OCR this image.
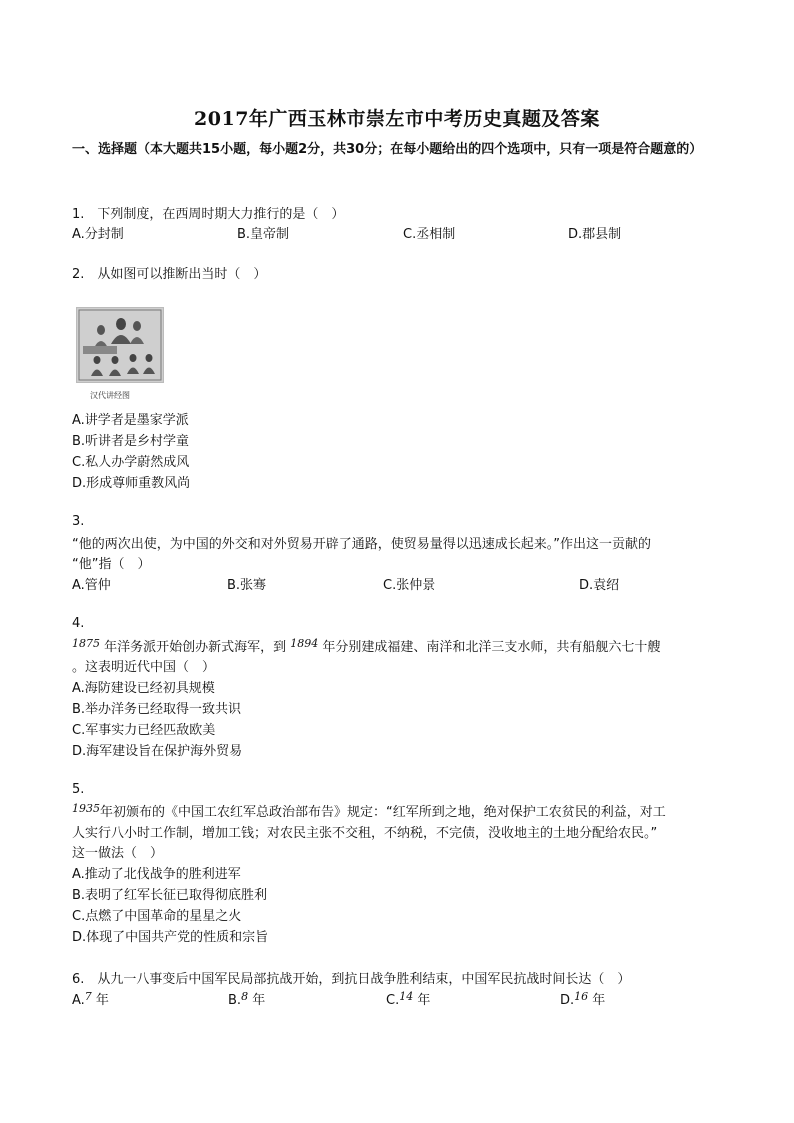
2017年广西玉林市崇左市中考历史真题及答案
一、选择题（本大题共15小题，每小题2分，共30分；在每小题给出的四个选项中，只有一项是符合题意的）
1.　下列制度，在西周时期大力推行的是（　）
A.分封制	B.皇帝制	C.丞相制	D.郡县制
2.　从如图可以推断出当时（　）
汉代讲经图
A.讲学者是墨家学派
B.听讲者是乡村学童
C.私人办学蔚然成风
D.形成尊师重教风尚
3.
“他的两次出使，为中国的外交和对外贸易开辟了通路，使贸易量得以迅速成长起来。”作出这一贡献的
“他”指（　）
A.管仲	B.张骞	C.张仲景	D.袁绍
4.
$^{1875}$ 年洋务派开始创办新式海军，到 $^{1894}$ 年分别建成福建、南洋和北洋三支水师，共有船舰六七十艘
。这表明近代中国（　）
A.海防建设已经初具规模
B.举办洋务已经取得一致共识
C.军事实力已经匹敌欧美
D.海军建设旨在保护海外贸易
5.
$^{1935}$年初颁布的《中国工农红军总政治部布告》规定：“红军所到之地，绝对保护工农贫民的利益，对工
人实行八小时工作制，增加工钱；对农民主张不交租，不纳税，不完债，没收地主的土地分配给农民。”
这一做法（　）
A.推动了北伐战争的胜利进军
B.表明了红军长征已取得彻底胜利
C.点燃了中国革命的星星之火
D.体现了中国共产党的性质和宗旨
6.　从九一八事变后中国军民局部抗战开始，到抗日战争胜利结束，中国军民抗战时间长达（　）
A.$^7$ 年	B.$^8$ 年	C.$^{14}$ 年	D.$^{16}$ 年
